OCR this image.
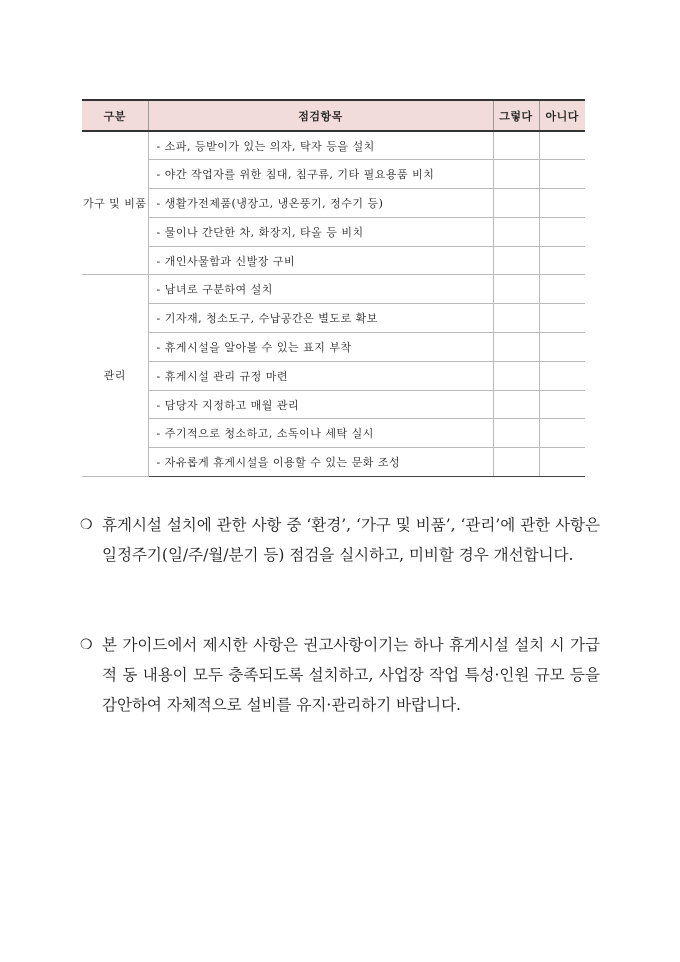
구분	점검항목	그렇다	아니다
가구 및 비품	- 소파, 등받이가 있는 의자, 탁자 등을 설치		
	- 야간 작업자를 위한 침대, 침구류, 기타 필요용품 비치		
	- 생활가전제품(냉장고, 냉온풍기, 정수기 등)		
	- 물이나 간단한 차, 화장지, 타올 등 비치		
	- 개인사물함과 신발장 구비		
관리	- 남녀로 구분하여 설치		
	- 기자재, 청소도구, 수납공간은 별도로 확보		
	- 휴게시설을 알아볼 수 있는 표지 부착		
	- 휴게시설 관리 규정 마련		
	- 담당자 지정하고 매월 관리		
	- 주기적으로 청소하고, 소독이나 세탁 실시		
	- 자유롭게 휴게시설을 이용할 수 있는 문화 조성		
❍ 휴게시설 설치에 관한 사항 중 ‘환경’, ‘가구 및 비품’, ‘관리’에 관한 사항은 일정주기(일/주/월/분기 등) 점검을 실시하고, 미비할 경우 개선합니다.
❍ 본 가이드에서 제시한 사항은 권고사항이기는 하나 휴게시설 설치 시 가급적 동 내용이 모두 충족되도록 설치하고, 사업장 작업 특성·인원 규모 등을 감안하여 자체적으로 설비를 유지·관리하기 바랍니다.
